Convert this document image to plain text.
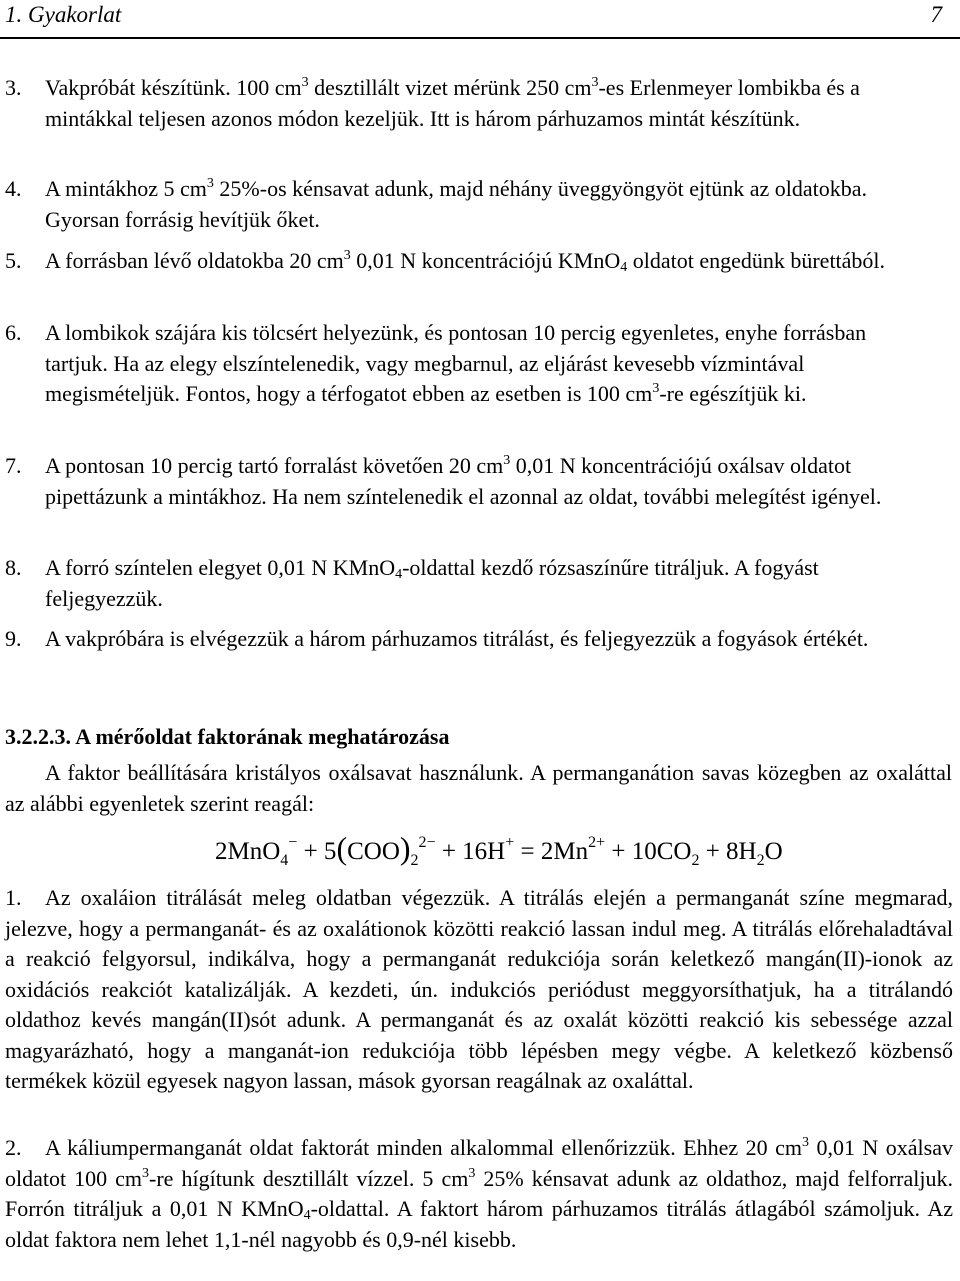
1. Gyakorlat	7
3. Vakpróbát készítünk. 100 $cm^3$ desztillált vizet mérünk 250 $cm^3-es$ Erlenmeyer lombikba és a mintákkal teljesen azonos módon kezeljük. Itt is három párhuzamos mintát készítünk.
4. A mintákhoz 5 $cm^3$ 25%-os kénsavat adunk, majd néhány üveggyöngyöt ejtünk az oldatokba. Gyorsan forrásig hevítjük őket.
5. A forrásban lévő oldatokba 20 $cm^3$ 0,01 N koncentrációjú KMnO$_4$ oldatot engedünk bürettából.
6. A lombikok szájára kis tölcsért helyezünk, és pontosan 10 percig egyenletes, enyhe forrásban tartjuk. Ha az elegy elszíntelenedik, vagy megbarnul, az eljárást kevesebb vízmintával megismételjük. Fontos, hogy a térfogatot ebben az esetben is 100 $cm^3-re$ egészítjük ki.
7. A pontosan 10 percig tartó forralást követően 20 $cm^3$ 0,01 N koncentrációjú oxálsav oldatot pipettázunk a mintákhoz. Ha nem színtelenedik el azonnal az oldat, további melegítést igényel.
8. A forró színtelen elegyet 0,01 N KMnO$_4$-oldattal kezdő rózsaszínűre titráljuk. A fogyást feljegyezzük.
9. A vakpróbára is elvégezzük a három párhuzamos titrálást, és feljegyezzük a fogyások értékét.
3.2.2.3. A mérőoldat faktorának meghatározása
A faktor beállítására kristályos oxálsavat használunk. A permanganátion savas közegben az oxaláttal az alábbi egyenletek szerint reagál:
$2MnO_4^- + 5(COO)_2^{2-} + 16H^+ = 2Mn^{2+} + 10CO_2 + 8H_2O$
1.	Az oxaláion titrálását meleg oldatban végezzük. A titrálás elején a permanganát színe megmarad, jelezve, hogy a permanganát- és az oxalátionok közötti reakció lassan indul meg. A titrálás előrehaladtával a reakció felgyorsul, indikálva, hogy a permanganát redukciója során keletkező mangán(II)-ionok az oxidációs reakciót katalizálják. A kezdeti, ún. indukciós periódust meggyorsíthatjuk, ha a titrálandó oldathoz kevés mangán(II)sót adunk. A permanganát és az oxalát közötti reakció kis sebessége azzal magyarázható, hogy a manganát-ion redukciója több lépésben megy végbe. A keletkező közbenső termékek közül egyesek nagyon lassan, mások gyorsan reagálnak az oxaláttal.
2.	A káliumpermanganát oldat faktorát minden alkalommal ellenőrizzük. Ehhez 20 $cm^3$ 0,01 N oxálsav oldatot 100 $cm^3-re$ hígítunk desztillált vízzel. 5 $cm^3$ 25% kénsavat adunk az oldathoz, majd felforraljuk. Forrón titráljuk a 0,01 N KMnO$_4$-oldattal. A faktort három párhuzamos titrálás átlagából számoljuk. Az oldat faktora nem lehet 1,1-nél nagyobb és 0,9-nél kisebb.
